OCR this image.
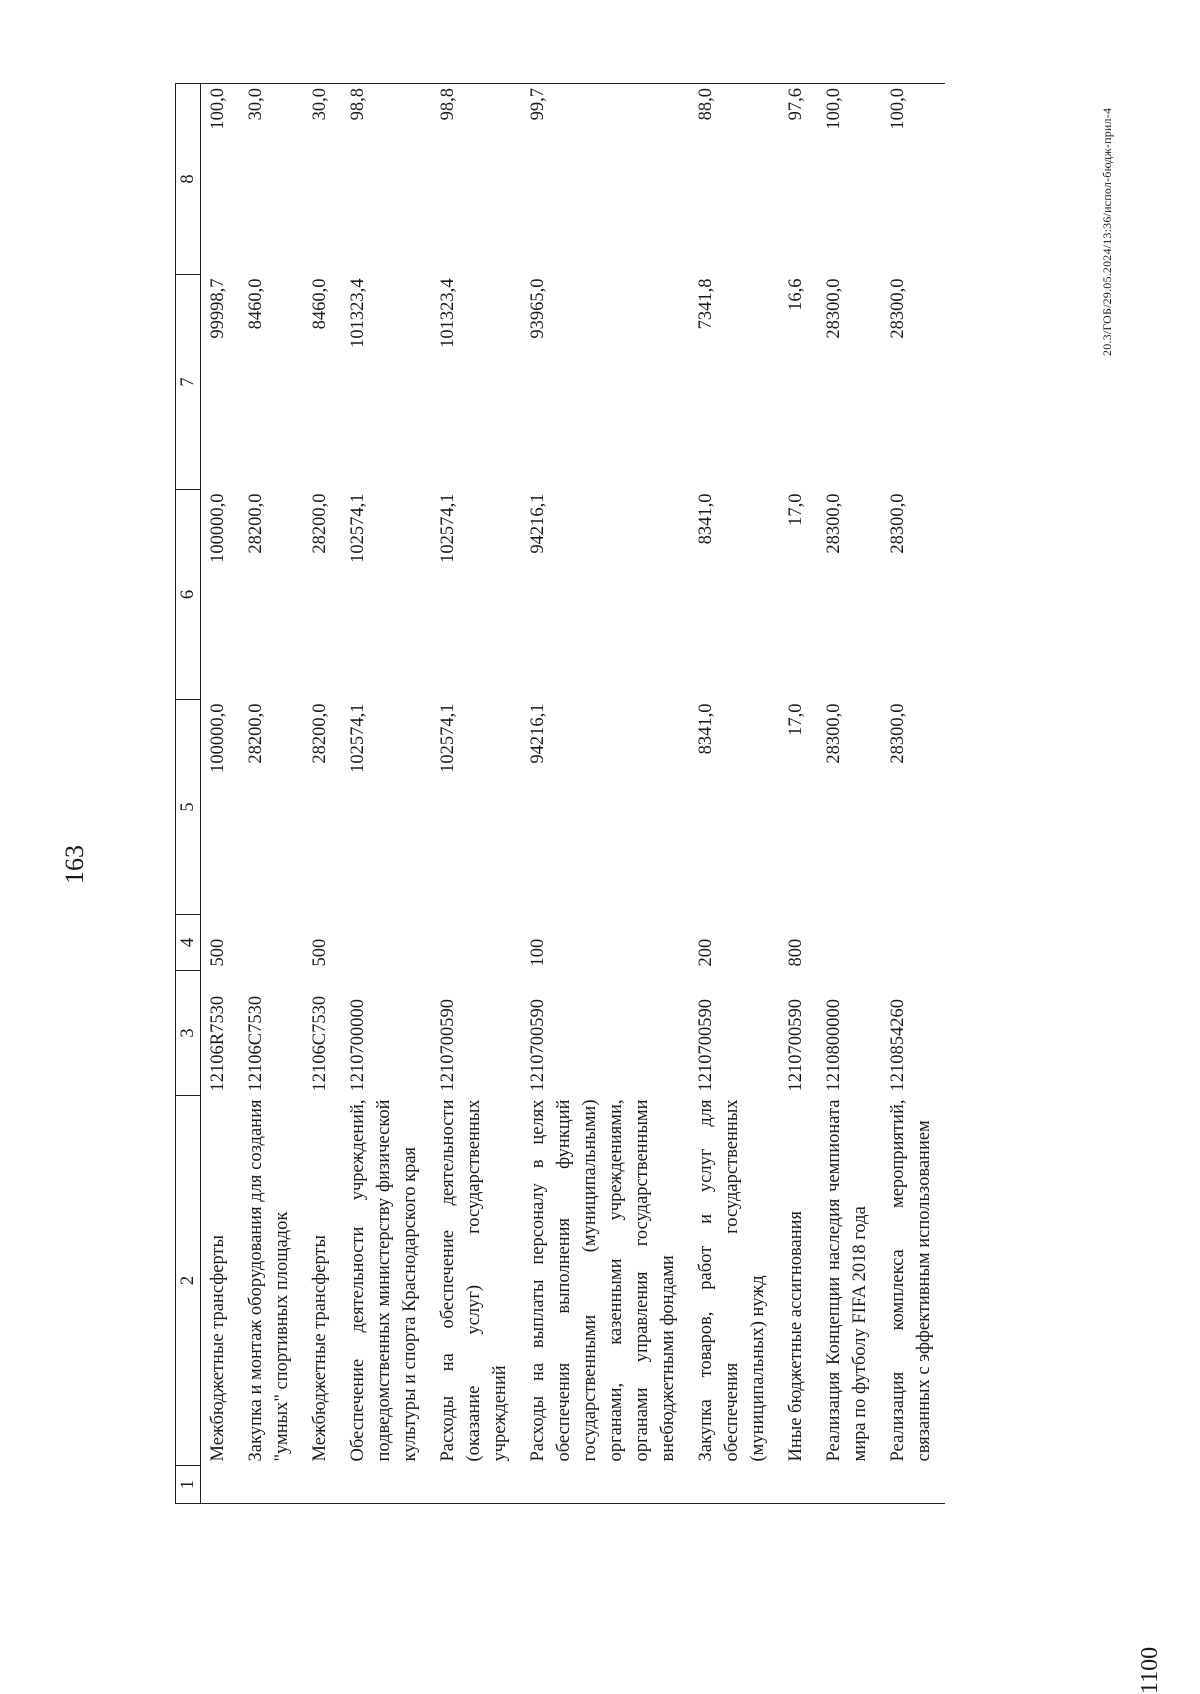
163
1100
20.3/ГОБ/29.05.2024/13:36/испол-бюдж-прил-4
1	2	3	4	5	6	7	8
	Межбюджетные трансферты	12106R7530	500	100000,0	100000,0	99998,7	100,0
	Закупка и монтаж оборудования для создания "умных" спортивных площадок	12106C7530		28200,0	28200,0	8460,0	30,0
	Межбюджетные трансферты	12106C7530	500	28200,0	28200,0	8460,0	30,0
	Обеспечение деятельности учреждений, подведомственных министерству физической культуры и спорта Краснодарского края	1210700000		102574,1	102574,1	101323,4	98,8
	Расходы на обеспечение деятельности (оказание услуг) государственных учреждений	1210700590		102574,1	102574,1	101323,4	98,8
	Расходы на выплаты персоналу в целях обеспечения выполнения функций государственными (муниципальными) органами, казенными учреждениями, органами управления государственными внебюджетными фондами	1210700590	100	94216,1	94216,1	93965,0	99,7
	Закупка товаров, работ и услуг для обеспечения государственных (муниципальных) нужд	1210700590	200	8341,0	8341,0	7341,8	88,0
	Иные бюджетные ассигнования	1210700590	800	17,0	17,0	16,6	97,6
	Реализация Концепции наследия чемпионата мира по футболу FIFA 2018 года	1210800000		28300,0	28300,0	28300,0	100,0
	Реализация комплекса мероприятий, связанных с эффективным использованием	1210854260		28300,0	28300,0	28300,0	100,0
